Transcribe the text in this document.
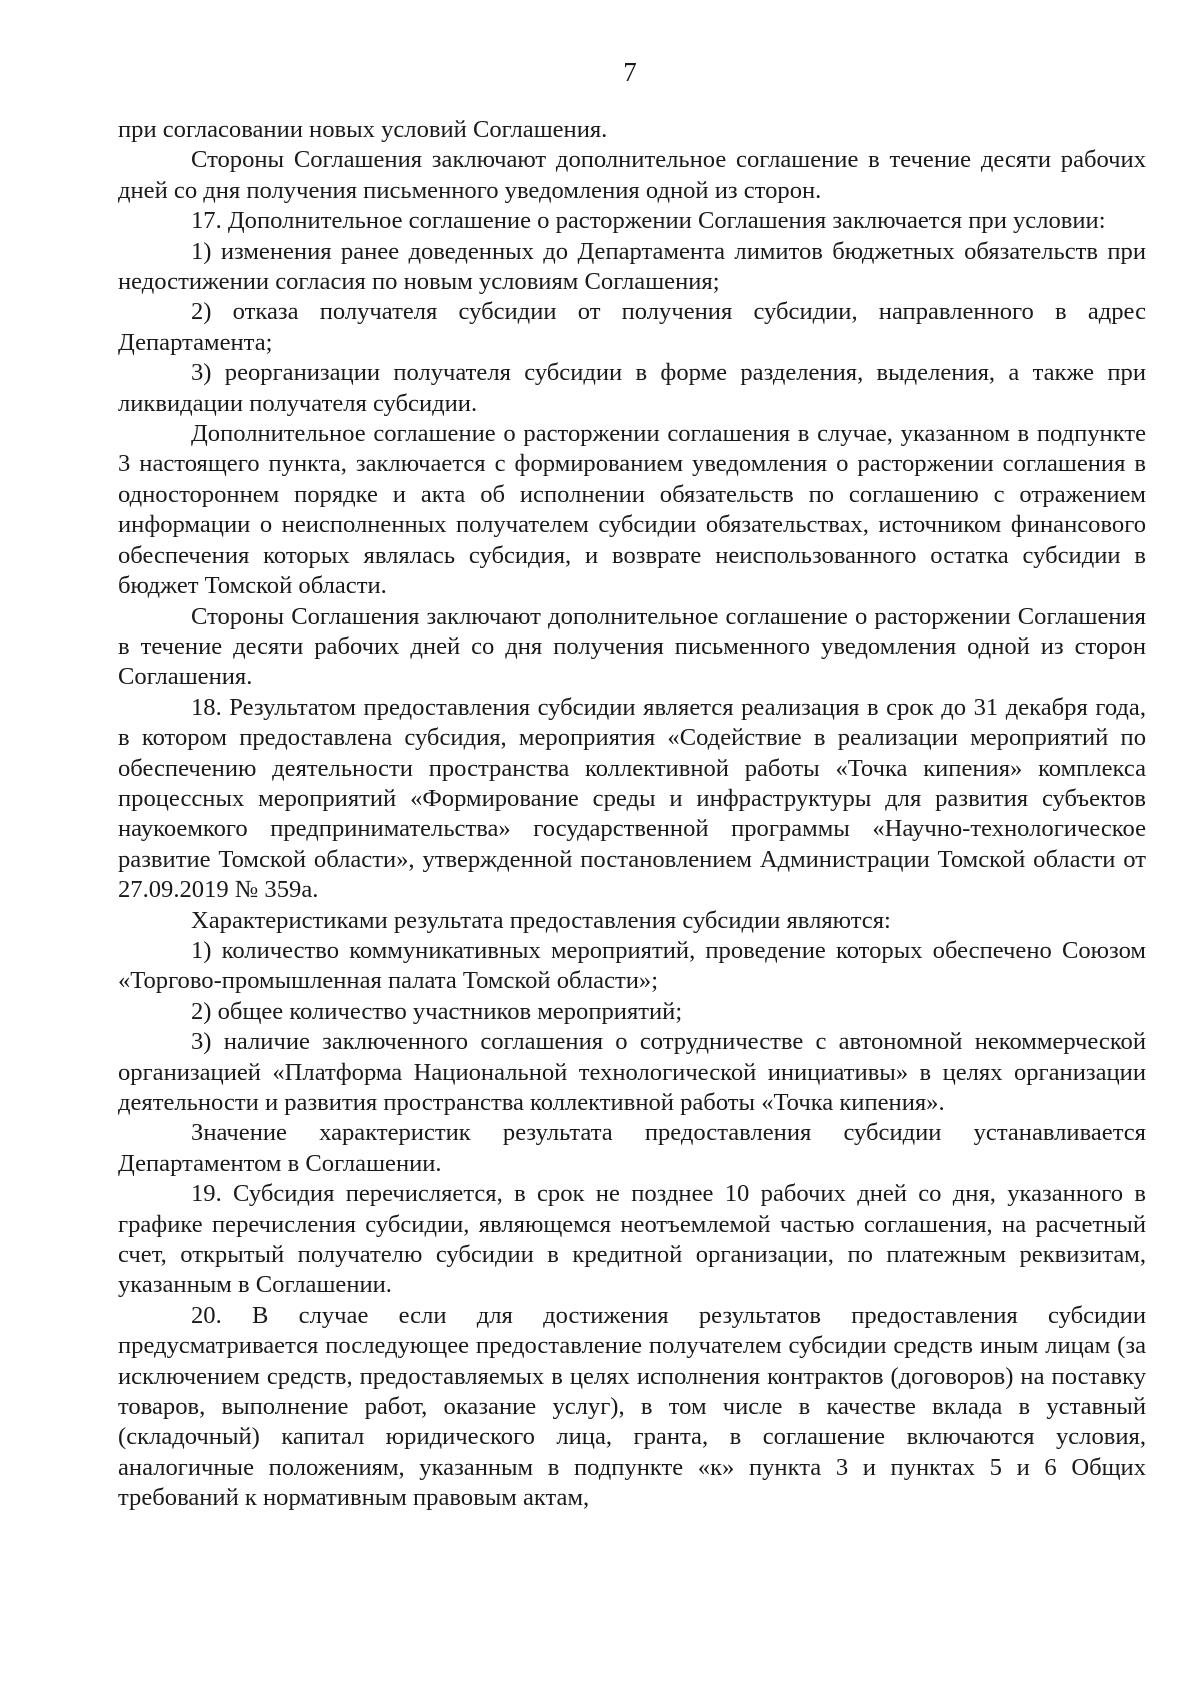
7

при согласовании новых условий Соглашения.

Стороны Соглашения заключают дополнительное соглашение в течение десяти рабочих дней со дня получения письменного уведомления одной из сторон.

17. Дополнительное соглашение о расторжении Соглашения заключается при условии:

1) изменения ранее доведенных до Департамента лимитов бюджетных обязательств при недостижении согласия по новым условиям Соглашения;

2) отказа получателя субсидии от получения субсидии, направленного в адрес Департамента;

3) реорганизации получателя субсидии в форме разделения, выделения, а также при ликвидации получателя субсидии.

Дополнительное соглашение о расторжении соглашения в случае, указанном в подпункте 3 настоящего пункта, заключается с формированием уведомления о расторжении соглашения в одностороннем порядке и акта об исполнении обязательств по соглашению с отражением информации о неисполненных получателем субсидии обязательствах, источником финансового обеспечения которых являлась субсидия, и возврате неиспользованного остатка субсидии в бюджет Томской области.

Стороны Соглашения заключают дополнительное соглашение о расторжении Соглашения в течение десяти рабочих дней со дня получения письменного уведомления одной из сторон Соглашения.

18. Результатом предоставления субсидии является реализация в срок до 31 декабря года, в котором предоставлена субсидия, мероприятия «Содействие в реализации мероприятий по обеспечению деятельности пространства коллективной работы «Точка кипения» комплекса процессных мероприятий «Формирование среды и инфраструктуры для развития субъектов наукоемкого предпринимательства» государственной программы «Научно-технологическое развитие Томской области», утвержденной постановлением Администрации Томской области от 27.09.2019 № 359а.

Характеристиками результата предоставления субсидии являются:

1) количество коммуникативных мероприятий, проведение которых обеспечено Союзом «Торгово-промышленная палата Томской области»;

2) общее количество участников мероприятий;

3) наличие заключенного соглашения о сотрудничестве с автономной некоммерческой организацией «Платформа Национальной технологической инициативы» в целях организации деятельности и развития пространства коллективной работы «Точка кипения».

Значение характеристик результата предоставления субсидии устанавливается Департаментом в Соглашении.

19. Субсидия перечисляется, в срок не позднее 10 рабочих дней со дня, указанного в графике перечисления субсидии, являющемся неотъемлемой частью соглашения, на расчетный счет, открытый получателю субсидии в кредитной организации, по платежным реквизитам, указанным в Соглашении.

20. В случае если для достижения результатов предоставления субсидии предусматривается последующее предоставление получателем субсидии средств иным лицам (за исключением средств, предоставляемых в целях исполнения контрактов (договоров) на поставку товаров, выполнение работ, оказание услуг), в том числе в качестве вклада в уставный (складочный) капитал юридического лица, гранта, в соглашение включаются условия, аналогичные положениям, указанным в подпункте «к» пункта 3 и пунктах 5 и 6 Общих требований к нормативным правовым актам,
